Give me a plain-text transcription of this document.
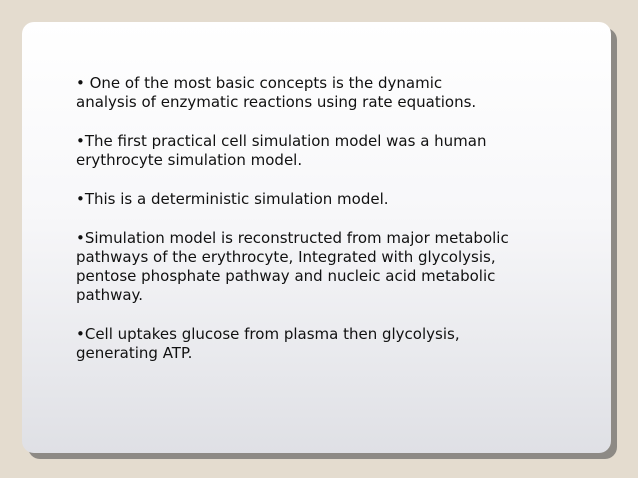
• One of the most basic concepts is the dynamic
analysis of enzymatic reactions using rate equations.

•The first practical cell simulation model was a human
erythrocyte simulation model.

•This is a deterministic simulation model.

•Simulation model is reconstructed from major metabolic
pathways of the erythrocyte, Integrated with glycolysis,
pentose phosphate pathway and nucleic acid metabolic
pathway.

•Cell uptakes glucose from plasma then glycolysis,
generating ATP.
